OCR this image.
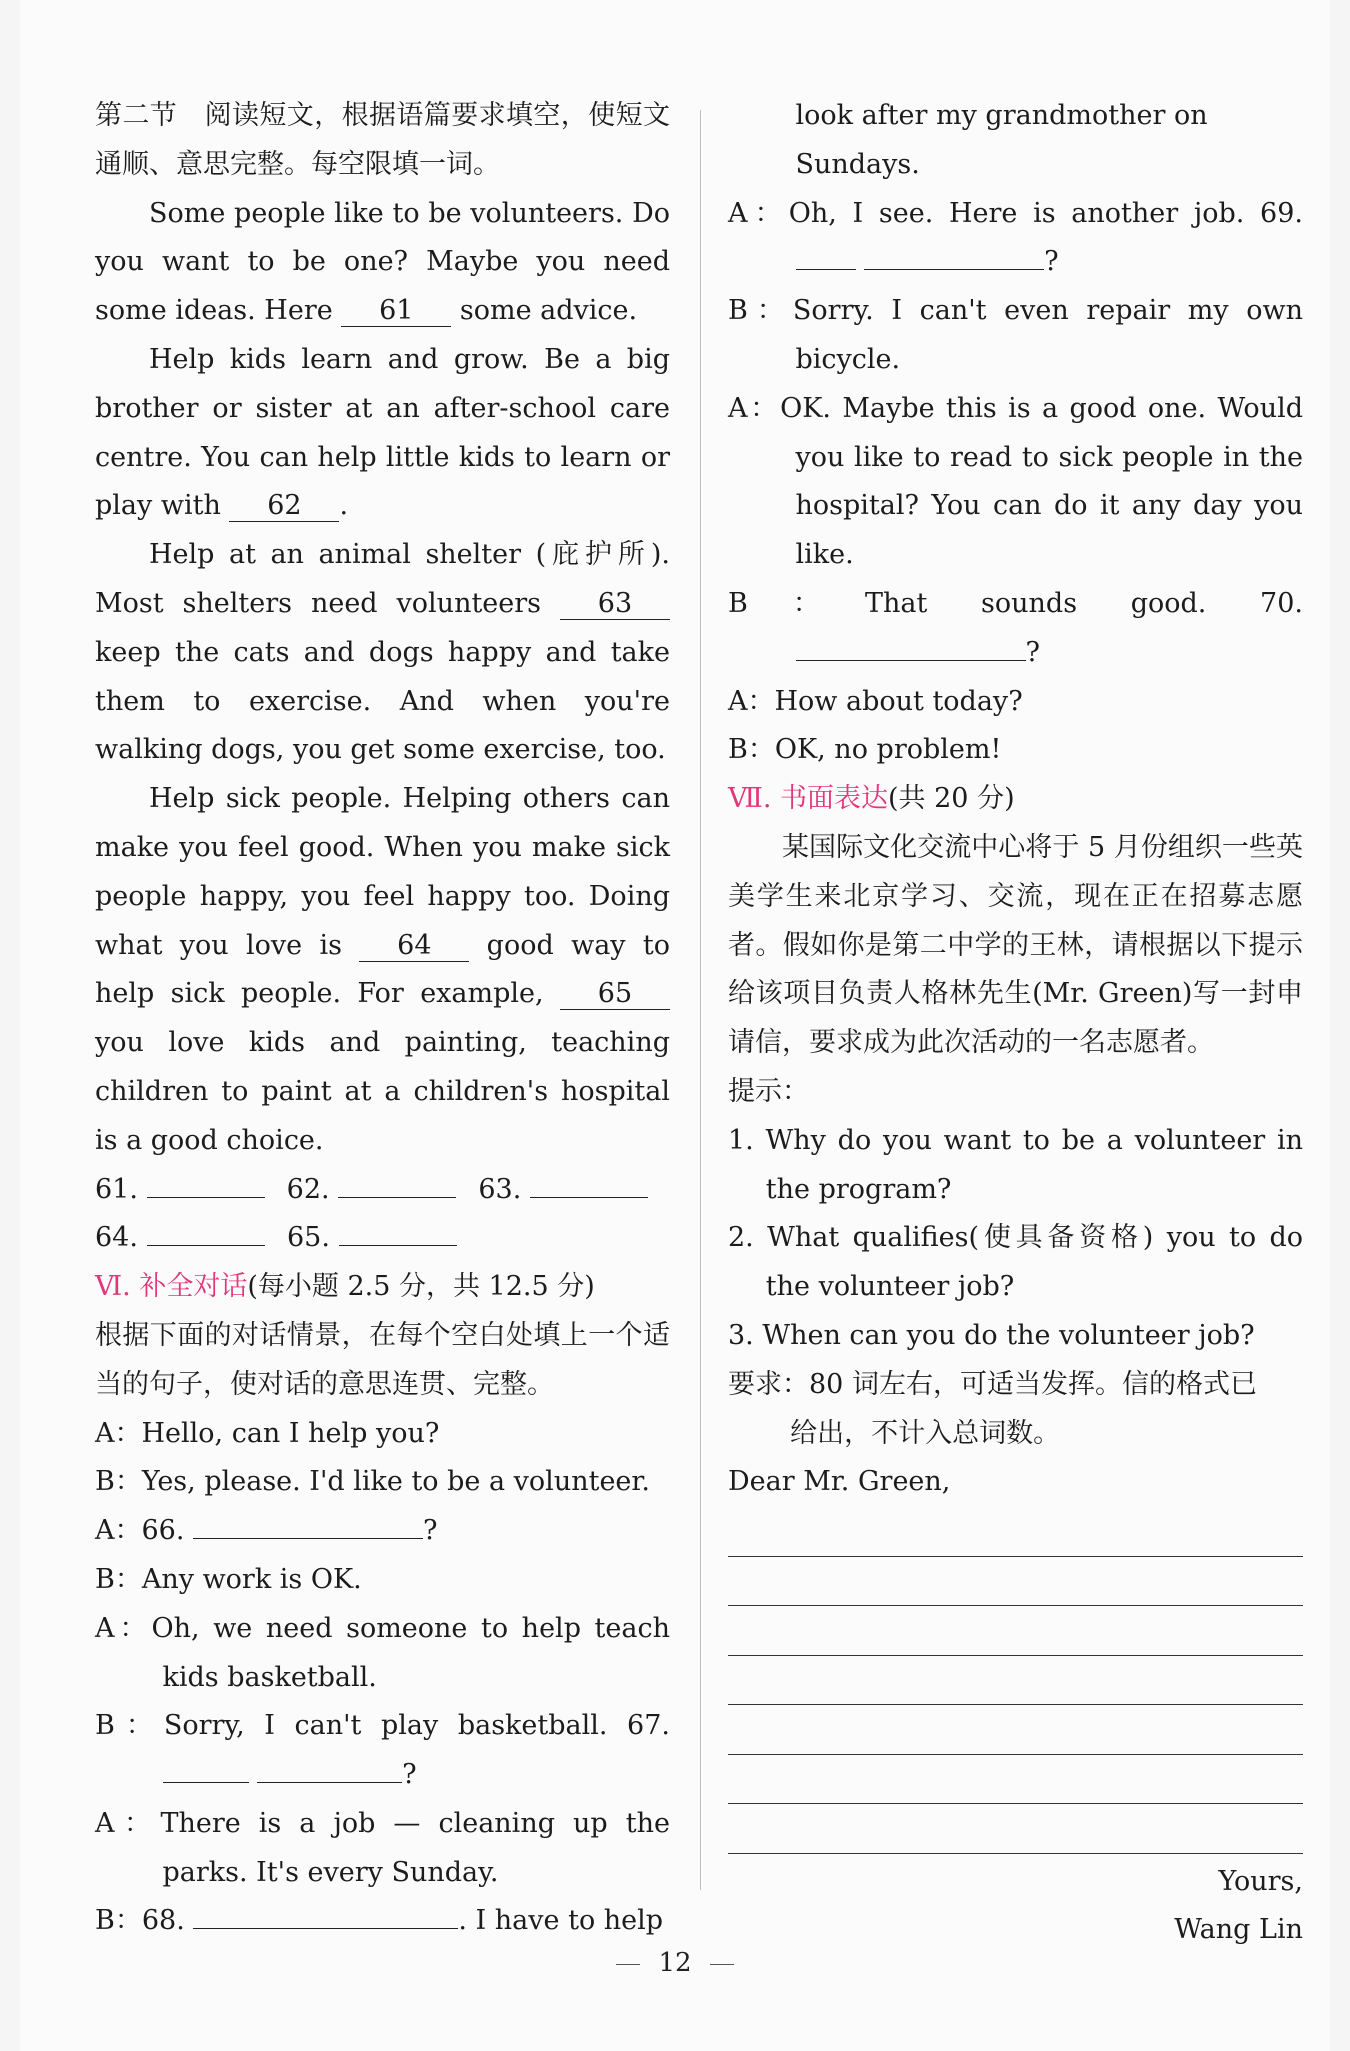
第二节　阅读短文，根据语篇要求填空，使短文通顺、意思完整。每空限填一词。

Some people like to be volunteers. Do you want to be one? Maybe you need some ideas. Here 61 some advice.

Help kids learn and grow. Be a big brother or sister at an after-school care centre. You can help little kids to learn or play with 62 .

Help at an animal shelter (庇护所). Most shelters need volunteers 63 keep the cats and dogs happy and take them to exercise. And when you're walking dogs, you get some exercise, too.

Help sick people. Helping others can make you feel good. When you make sick people happy, you feel happy too. Doing what you love is 64 good way to help sick people. For example, 65 you love kids and painting, teaching children to paint at a children's hospital is a good choice.

61.	62.	63.
64.	65.

Ⅵ. 补全对话(每小题 2.5 分，共 12.5 分)

根据下面的对话情景，在每个空白处填上一个适当的句子，使对话的意思连贯、完整。

A：Hello, can I help you?

B：Yes, please. I'd like to be a volunteer.

A：66.	?

B：Any work is OK.

A：Oh, we need someone to help teach kids basketball.

B：Sorry, I can't play basketball. 67.  ?

A：There is a job — cleaning up the parks. It's every Sunday.

B：68.	. I have to help

look after my grandmother on Sundays.

A：Oh, I see. Here is another job. 69.  ?

B：Sorry. I can't even repair my own bicycle.

A：OK. Maybe this is a good one. Would you like to read to sick people in the hospital? You can do it any day you like.

B：That sounds good. 70. ?

A：How about today?

B：OK, no problem!

Ⅶ. 书面表达(共 20 分)

某国际文化交流中心将于 5 月份组织一些英美学生来北京学习、交流，现在正在招募志愿者。假如你是第二中学的王林，请根据以下提示给该项目负责人格林先生(Mr. Green)写一封申请信，要求成为此次活动的一名志愿者。

提示：

1. Why do you want to be a volunteer in the program?

2. What qualifies(使具备资格) you to do the volunteer job?

3. When can you do the volunteer job?

要求：80 词左右，可适当发挥。信的格式已

给出，不计入总词数。

Dear Mr. Green,

Yours,

Wang Lin

12
